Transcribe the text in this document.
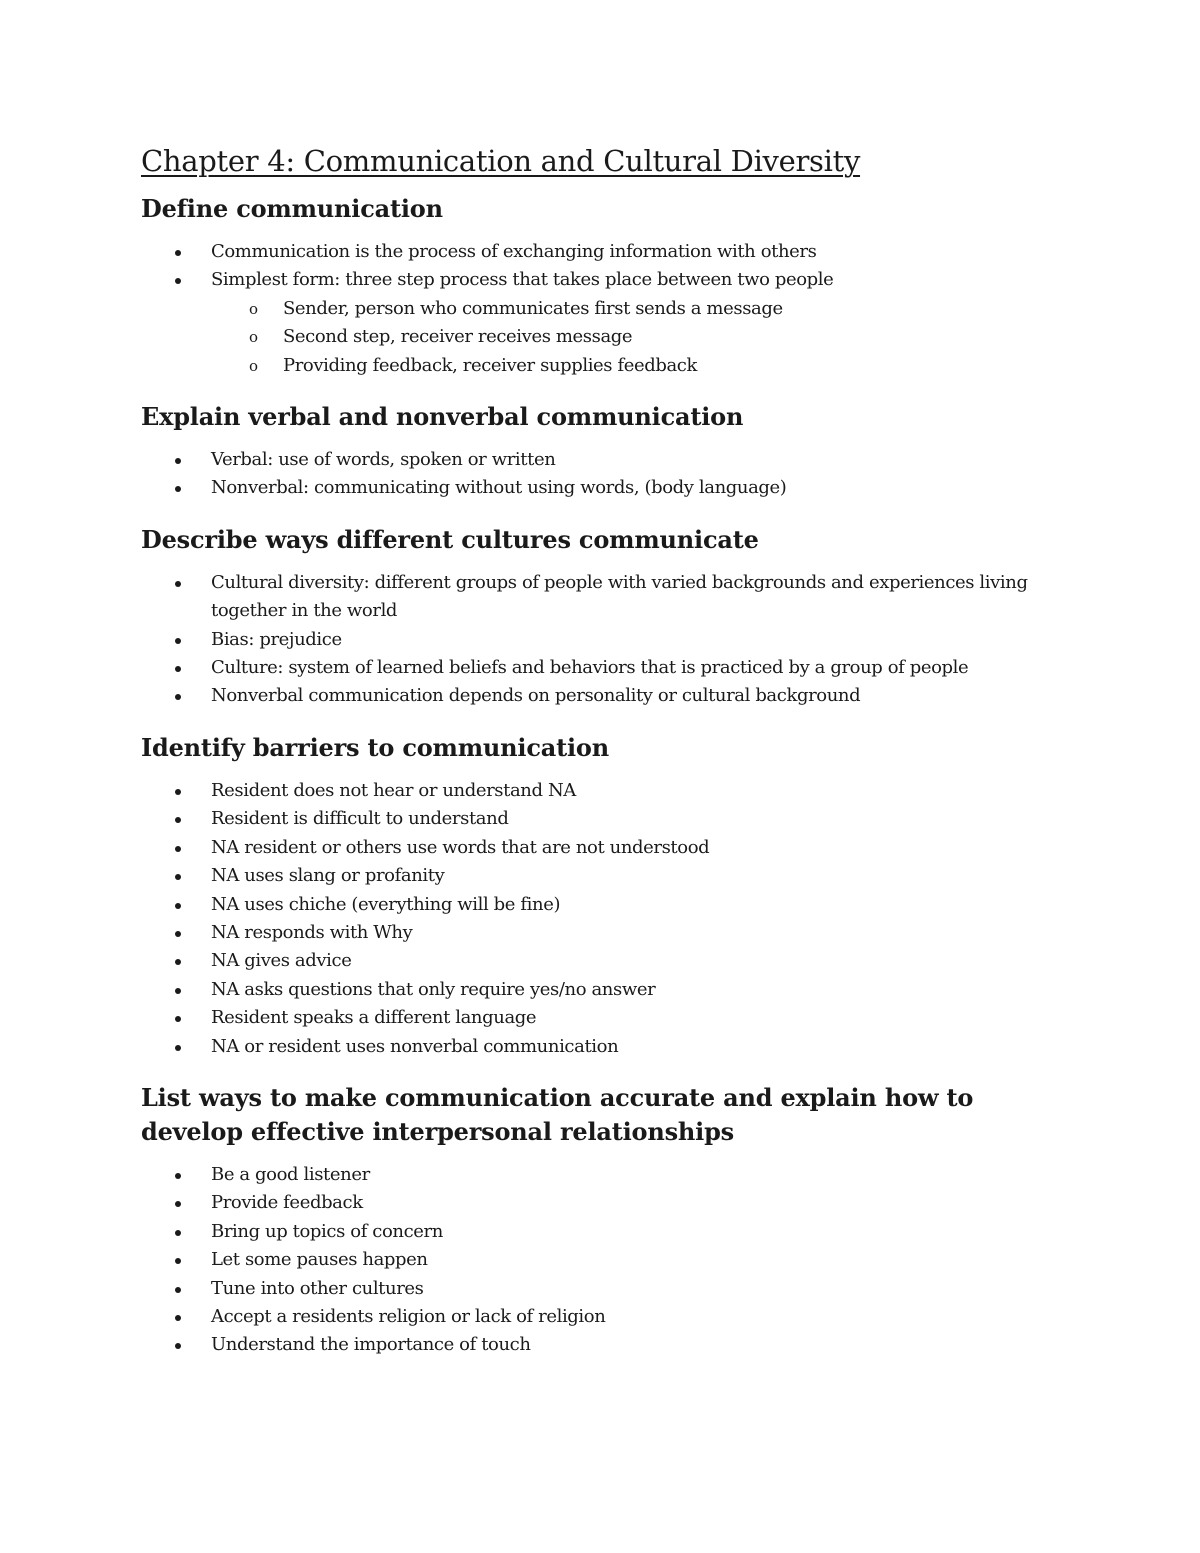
Chapter 4: Communication and Cultural Diversity
Define communication
Communication is the process of exchanging information with others
Simplest form: three step process that takes place between two people
o Sender, person who communicates first sends a message
o Second step, receiver receives message
o Providing feedback, receiver supplies feedback
Explain verbal and nonverbal communication
Verbal: use of words, spoken or written
Nonverbal: communicating without using words, (body language)
Describe ways different cultures communicate
Cultural diversity: different groups of people with varied backgrounds and experiences living together in the world
Bias: prejudice
Culture: system of learned beliefs and behaviors that is practiced by a group of people
Nonverbal communication depends on personality or cultural background
Identify barriers to communication
Resident does not hear or understand NA
Resident is difficult to understand
NA resident or others use words that are not understood
NA uses slang or profanity
NA uses chiche (everything will be fine)
NA responds with Why
NA gives advice
NA asks questions that only require yes/no answer
Resident speaks a different language
NA or resident uses nonverbal communication
List ways to make communication accurate and explain how to develop effective interpersonal relationships
Be a good listener
Provide feedback
Bring up topics of concern
Let some pauses happen
Tune into other cultures
Accept a residents religion or lack of religion
Understand the importance of touch
